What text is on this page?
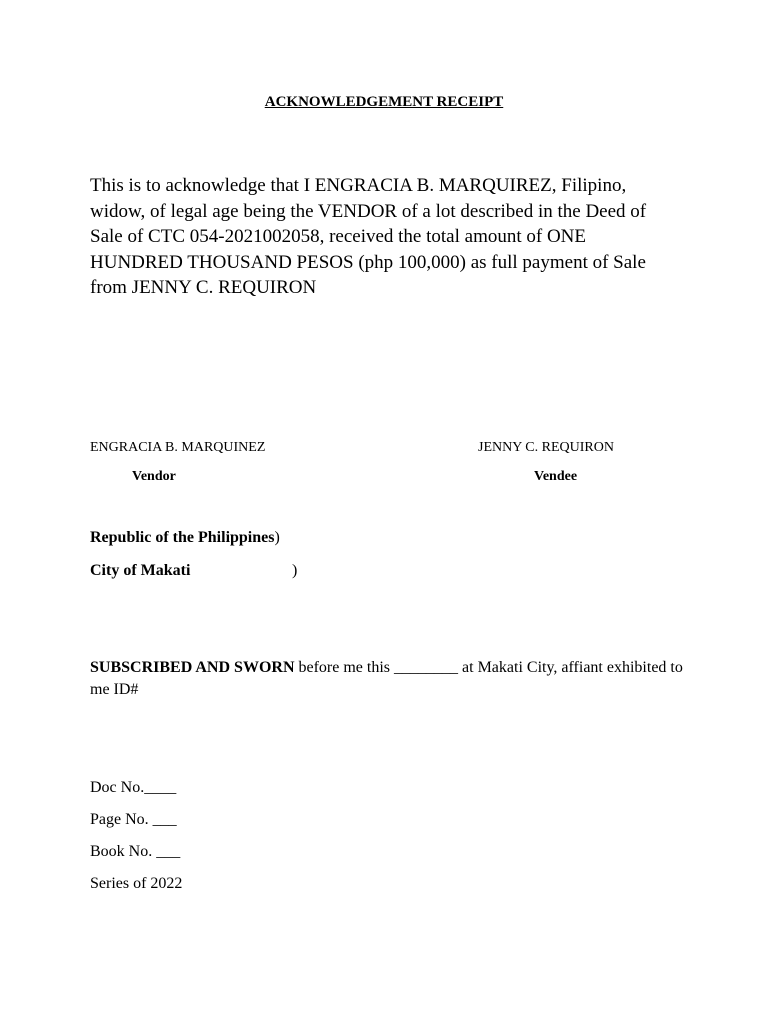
ACKNOWLEDGEMENT RECEIPT
This is to acknowledge that I ENGRACIA B. MARQUIREZ, Filipino, widow, of legal age being the VENDOR of a lot described in the Deed of Sale of CTC 054-2021002058, received the total amount of ONE HUNDRED THOUSAND PESOS (php 100,000) as full payment of Sale from JENNY C. REQUIRON
ENGRACIA B. MARQUINEZ
Vendor
JENNY C. REQUIRON
Vendee
Republic of the Philippines)
City of Makati	)
SUBSCRIBED AND SWORN before me this ________ at Makati City, affiant exhibited to me ID#
Doc No.____
Page No. ___
Book No. ___
Series of 2022
